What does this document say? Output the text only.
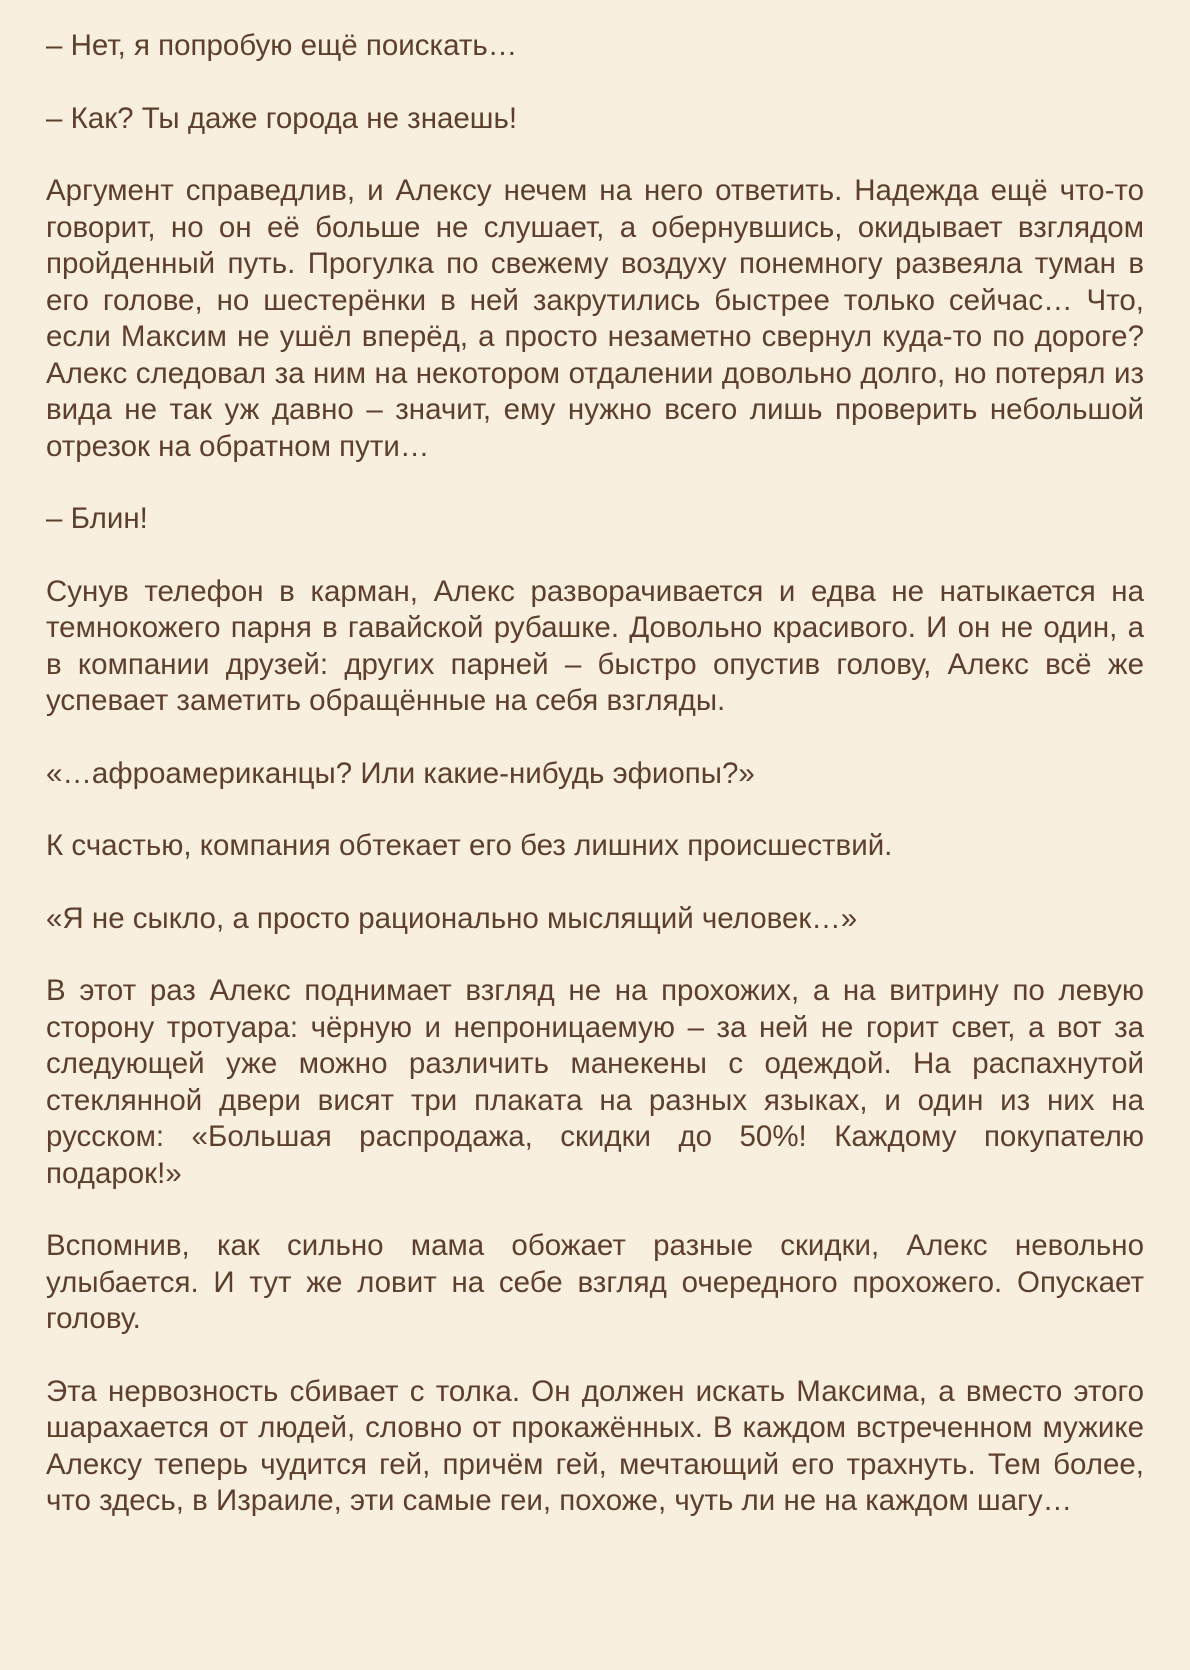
– Нет, я попробую ещё поискать…

– Как? Ты даже города не знаешь!

Аргумент справедлив, и Алексу нечем на него ответить. Надежда ещё что-то говорит, но он её больше не слушает, а обернувшись, окидывает взглядом пройденный путь. Прогулка по свежему воздуху понемногу развеяла туман в его голове, но шестерёнки в ней закрутились быстрее только сейчас… Что, если Максим не ушёл вперёд, а просто незаметно свернул куда-то по дороге? Алекс следовал за ним на некотором отдалении довольно долго, но потерял из вида не так уж давно – значит, ему нужно всего лишь проверить небольшой отрезок на обратном пути…

– Блин!

Сунув телефон в карман, Алекс разворачивается и едва не натыкается на темнокожего парня в гавайской рубашке. Довольно красивого. И он не один, а в компании друзей: других парней – быстро опустив голову, Алекс всё же успевает заметить обращённые на себя взгляды.

«…афроамериканцы? Или какие-нибудь эфиопы?»

К счастью, компания обтекает его без лишних происшествий.

«Я не сыкло, а просто рационально мыслящий человек…»

В этот раз Алекс поднимает взгляд не на прохожих, а на витрину по левую сторону тротуара: чёрную и непроницаемую – за ней не горит свет, а вот за следующей уже можно различить манекены с одеждой. На распахнутой стеклянной двери висят три плаката на разных языках, и один из них на русском: «Большая распродажа, скидки до 50%! Каждому покупателю подарок!»

Вспомнив, как сильно мама обожает разные скидки, Алекс невольно улыбается. И тут же ловит на себе взгляд очередного прохожего. Опускает голову.

Эта нервозность сбивает с толка. Он должен искать Максима, а вместо этого шарахается от людей, словно от прокажённых. В каждом встреченном мужике Алексу теперь чудится гей, причём гей, мечтающий его трахнуть. Тем более, что здесь, в Израиле, эти самые геи, похоже, чуть ли не на каждом шагу…
